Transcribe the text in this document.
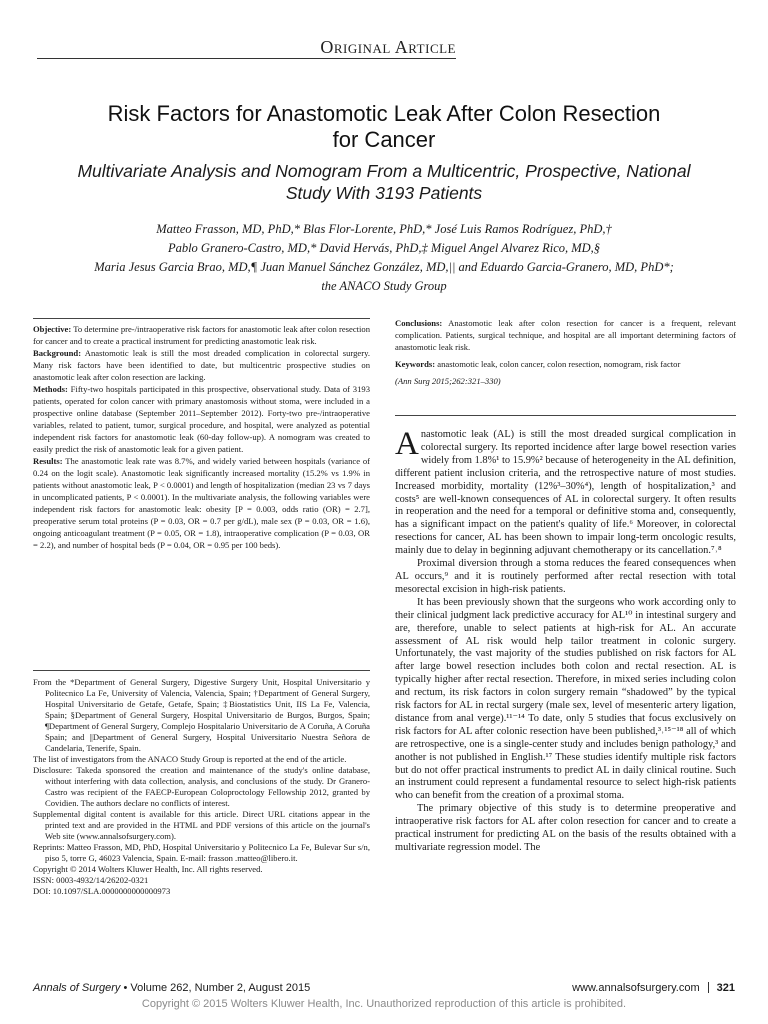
Original Article
Risk Factors for Anastomotic Leak After Colon Resection
for Cancer
Multivariate Analysis and Nomogram From a Multicentric, Prospective, National
Study With 3193 Patients
Matteo Frasson, MD, PhD,* Blas Flor-Lorente, PhD,* José Luis Ramos Rodríguez, PhD,†
Pablo Granero-Castro, MD,* David Hervás, PhD,‡ Miguel Angel Alvarez Rico, MD,§
Maria Jesus Garcia Brao, MD,¶ Juan Manuel Sánchez González, MD,|| and Eduardo Garcia-Granero, MD, PhD*;
the ANACO Study Group

Objective: To determine pre-/intraoperative risk factors for anastomotic leak after colon resection for cancer and to create a practical instrument for predicting anastomotic leak risk.

Background: Anastomotic leak is still the most dreaded complication in colorectal surgery. Many risk factors have been identified to date, but multicentric prospective studies on anastomotic leak after colon resection are lacking.

Methods: Fifty-two hospitals participated in this prospective, observational study. Data of 3193 patients, operated for colon cancer with primary anastomosis without stoma, were included in a prospective online database (September 2011–September 2012). Forty-two pre-/intraoperative variables, related to patient, tumor, surgical procedure, and hospital, were analyzed as potential independent risk factors for anastomotic leak (60-day follow-up). A nomogram was created to easily predict the risk of anastomotic leak for a given patient.

Results: The anastomotic leak rate was 8.7%, and widely varied between hospitals (variance of 0.24 on the logit scale). Anastomotic leak significantly increased mortality (15.2% vs 1.9% in patients without anastomotic leak, P < 0.0001) and length of hospitalization (median 23 vs 7 days in uncomplicated patients, P < 0.0001). In the multivariate analysis, the following variables were independent risk factors for anastomotic leak: obesity [P = 0.003, odds ratio (OR) = 2.7], preoperative serum total proteins (P = 0.03, OR = 0.7 per g/dL), male sex (P = 0.03, OR = 1.6), ongoing anticoagulant treatment (P = 0.05, OR = 1.8), intraoperative complication (P = 0.03, OR = 2.2), and number of hospital beds (P = 0.04, OR = 0.95 per 100 beds).

Conclusions: Anastomotic leak after colon resection for cancer is a frequent, relevant complication. Patients, surgical technique, and hospital are all important determining factors of anastomotic leak risk.

Keywords: anastomotic leak, colon cancer, colon resection, nomogram, risk factor

(Ann Surg 2015;262:321–330)

From the *Department of General Surgery, Digestive Surgery Unit, Hospital Universitario y Politecnico La Fe, University of Valencia, Valencia, Spain; †Department of General Surgery, Hospital Universitario de Getafe, Getafe, Spain; ‡Biostatistics Unit, IIS La Fe, Valencia, Spain; §Department of General Surgery, Hospital Universitario de Burgos, Burgos, Spain; ¶Department of General Surgery, Complejo Hospitalario Universitario de A Coruña, A Coruña Spain; and ||Department of General Surgery, Hospital Universitario Nuestra Señora de Candelaria, Tenerife, Spain.

The list of investigators from the ANACO Study Group is reported at the end of the article.

Disclosure: Takeda sponsored the creation and maintenance of the study's online database, without interfering with data collection, analysis, and conclusions of the study. Dr Granero-Castro was recipient of the FAECP-European Coloproctology Fellowship 2012, granted by Covidien. The authors declare no conflicts of interest.

Supplemental digital content is available for this article. Direct URL citations appear in the printed text and are provided in the HTML and PDF versions of this article on the journal's Web site (www.annalsofsurgery.com).

Reprints: Matteo Frasson, MD, PhD, Hospital Universitario y Politecnico La Fe, Bulevar Sur s/n, piso 5, torre G, 46023 Valencia, Spain. E-mail: frasson .matteo@libero.it.

Copyright © 2014 Wolters Kluwer Health, Inc. All rights reserved.

ISSN: 0003-4932/14/26202-0321

DOI: 10.1097/SLA.0000000000000973

Anastomotic leak (AL) is still the most dreaded surgical complication in colorectal surgery. Its reported incidence after large bowel resection varies widely from 1.8%¹ to 15.9%² because of heterogeneity in the AL definition, different patient inclusion criteria, and the retrospective nature of most studies. Increased morbidity, mortality (12%³–30%⁴), length of hospitalization,³ and costs⁵ are well-known consequences of AL in colorectal surgery. It often results in reoperation and the need for a temporal or definitive stoma and, consequently, has a significant impact on the patient's quality of life.⁶ Moreover, in colorectal resections for cancer, AL has been shown to impair long-term oncologic results, mainly due to delay in beginning adjuvant chemotherapy or its cancellation.⁷˒⁸

Proximal diversion through a stoma reduces the feared consequences when AL occurs,⁹ and it is routinely performed after rectal resection with total mesorectal excision in high-risk patients.

It has been previously shown that the surgeons who work according only to their clinical judgment lack predictive accuracy for AL¹⁰ in intestinal surgery and are, therefore, unable to select patients at high-risk for AL. An accurate assessment of AL risk would help tailor treatment in colonic surgery. Unfortunately, the vast majority of the studies published on risk factors for AL after large bowel resection includes both colon and rectal resection. AL is typically higher after rectal resection. Therefore, in mixed series including colon and rectum, its risk factors in colon surgery remain “shadowed” by the typical risk factors for AL in rectal surgery (male sex, level of mesenteric artery ligation, distance from anal verge).¹¹⁻¹⁴ To date, only 5 studies that focus exclusively on risk factors for AL after colonic resection have been published,³˒¹⁵⁻¹⁸ all of which are retrospective, one is a single-center study and includes benign pathology,³ and another is not published in English.¹⁷ These studies identify multiple risk factors but do not offer practical instruments to predict AL in daily clinical routine. Such an instrument could represent a fundamental resource to select high-risk patients who can benefit from the creation of a proximal stoma.

The primary objective of this study is to determine preoperative and intraoperative risk factors for AL after colon resection for cancer and to create a practical instrument for predicting AL on the basis of the results obtained with a multivariate regression model. The

Annals of Surgery • Volume 262, Number 2, August 2015	www.annalsofsurgery.com 321
Copyright © 2015 Wolters Kluwer Health, Inc. Unauthorized reproduction of this article is prohibited.
